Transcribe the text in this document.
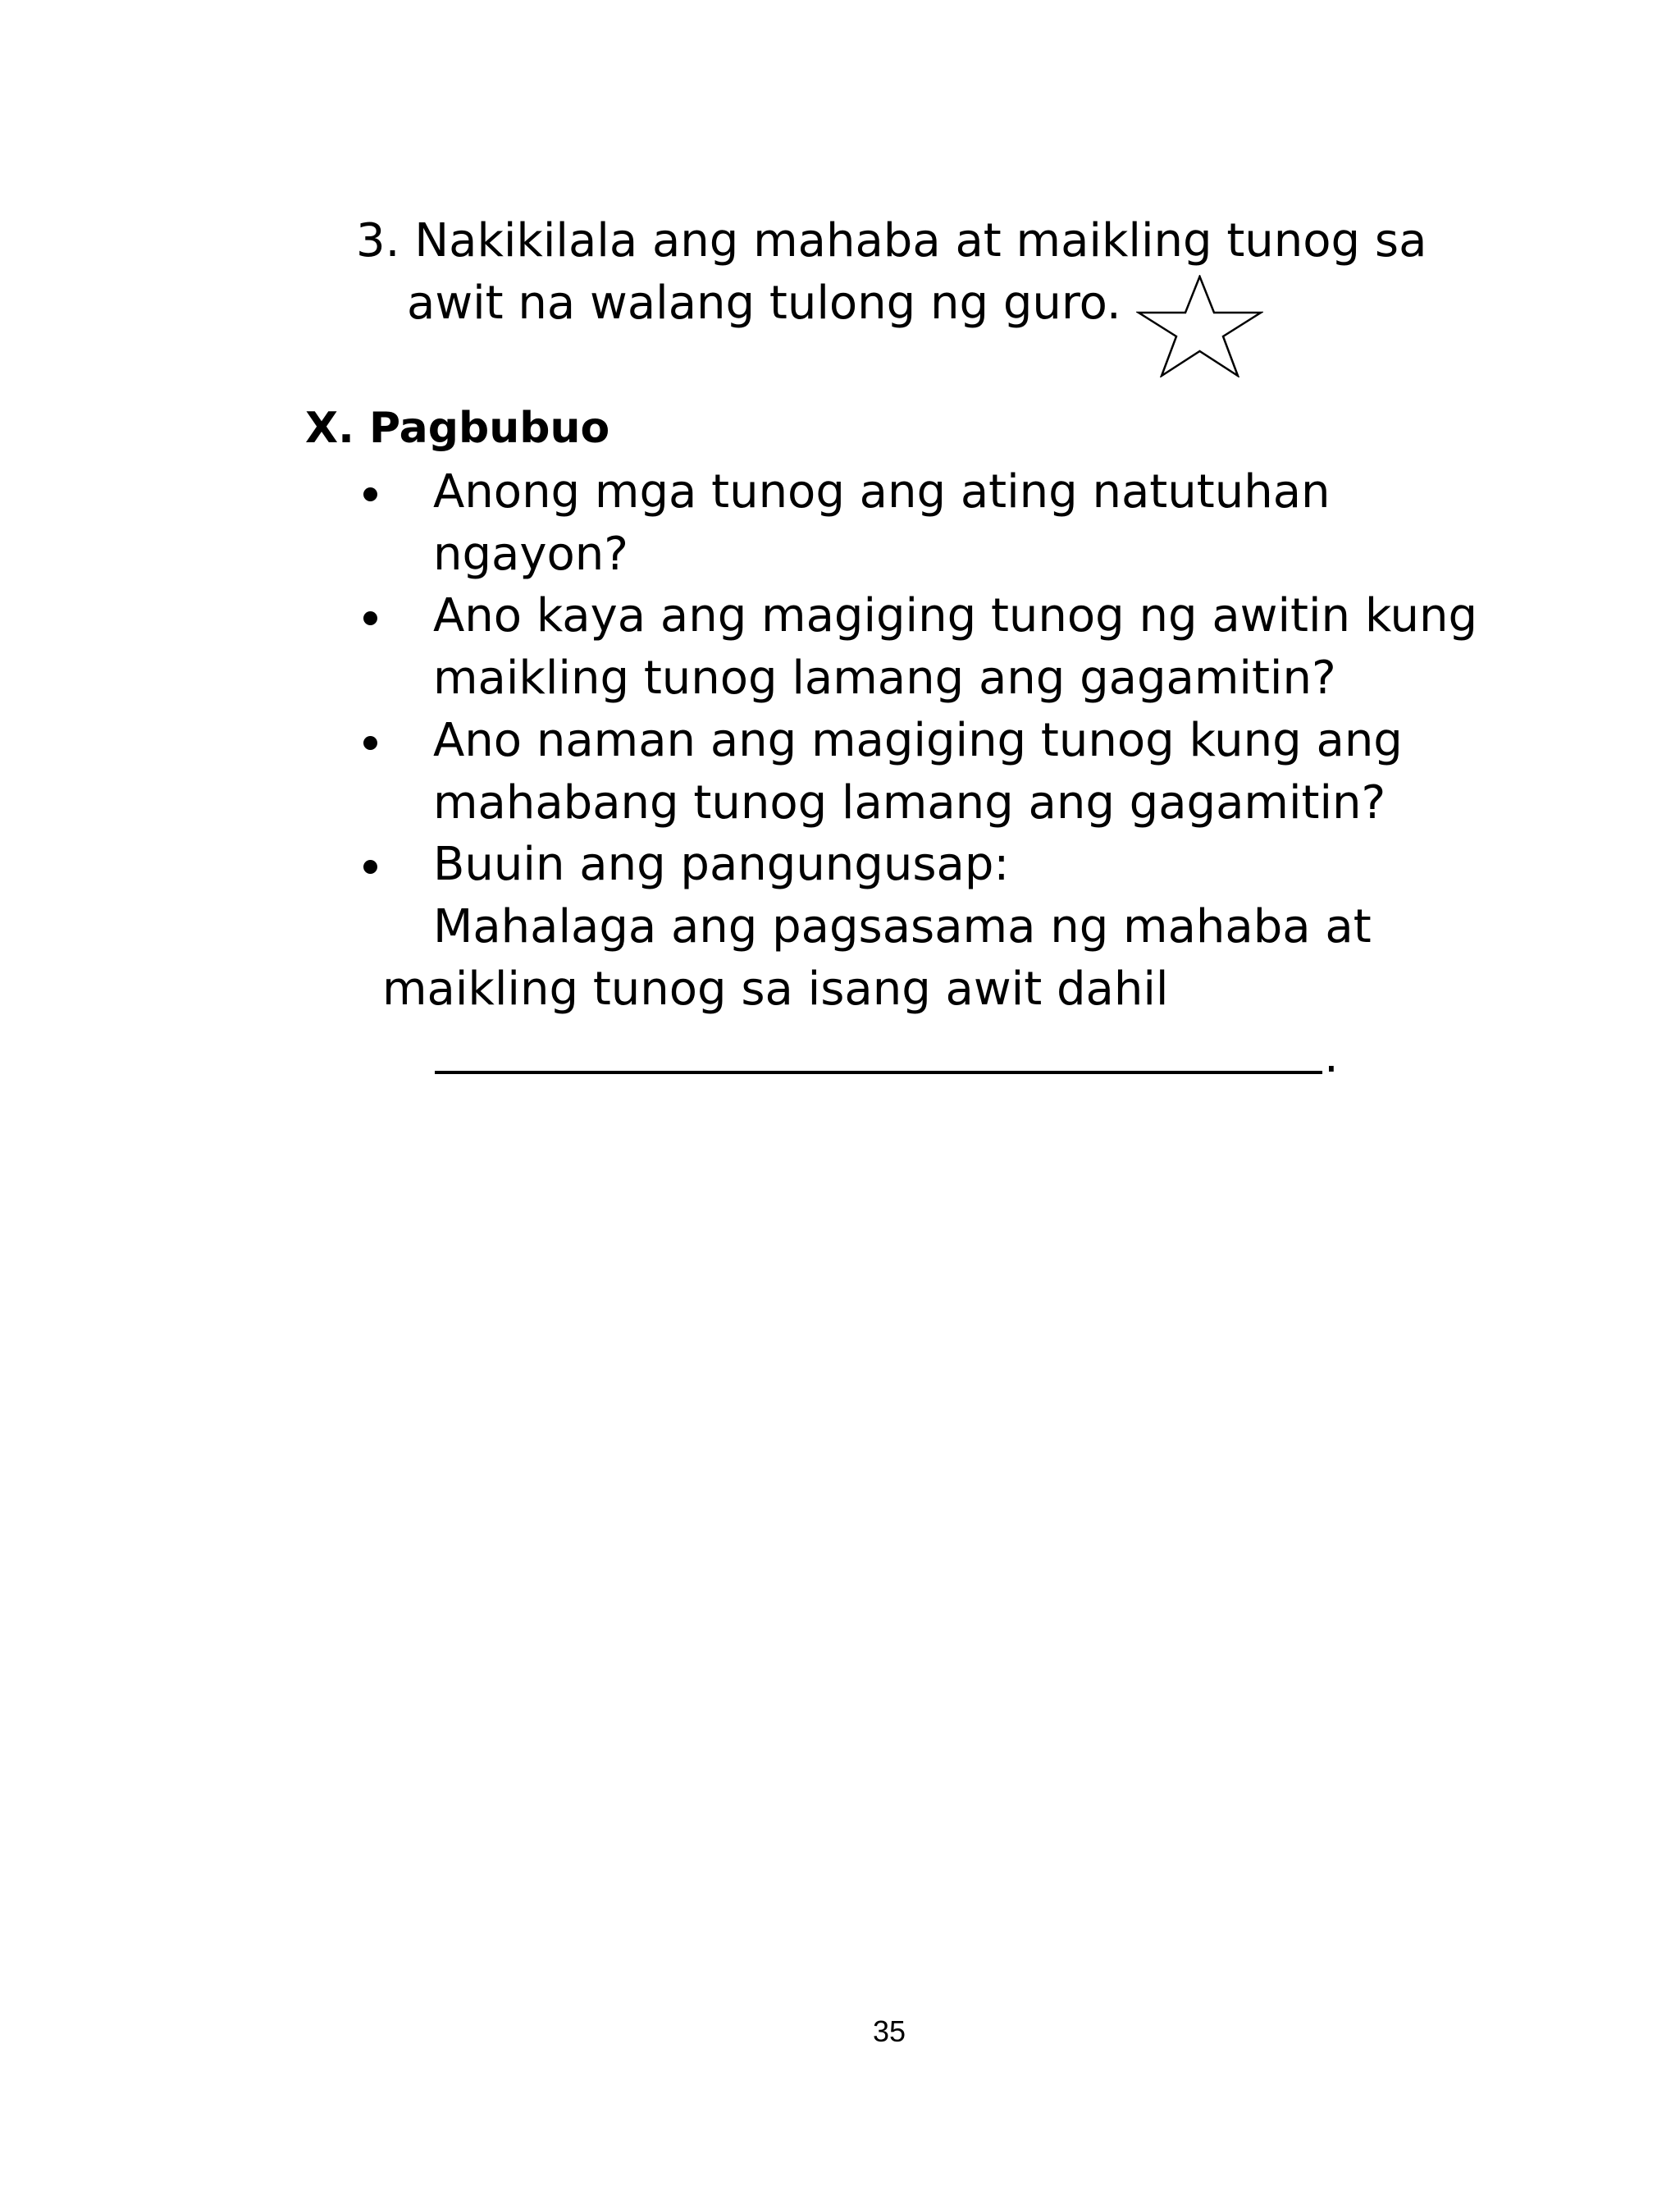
3. Nakikilala ang mahaba at maikling tunog sa
awit na walang tulong ng guro.
X. Pagbubuo
Anong mga tunog ang ating natutuhan
ngayon?
Ano kaya ang magiging tunog ng awitin kung
maikling tunog lamang ang gagamitin?
Ano naman ang magiging tunog kung ang
mahabang tunog lamang ang gagamitin?
Buuin ang pangungusap:
Mahalaga ang pagsasama ng mahaba at
maikling tunog sa isang awit dahil
.
35
